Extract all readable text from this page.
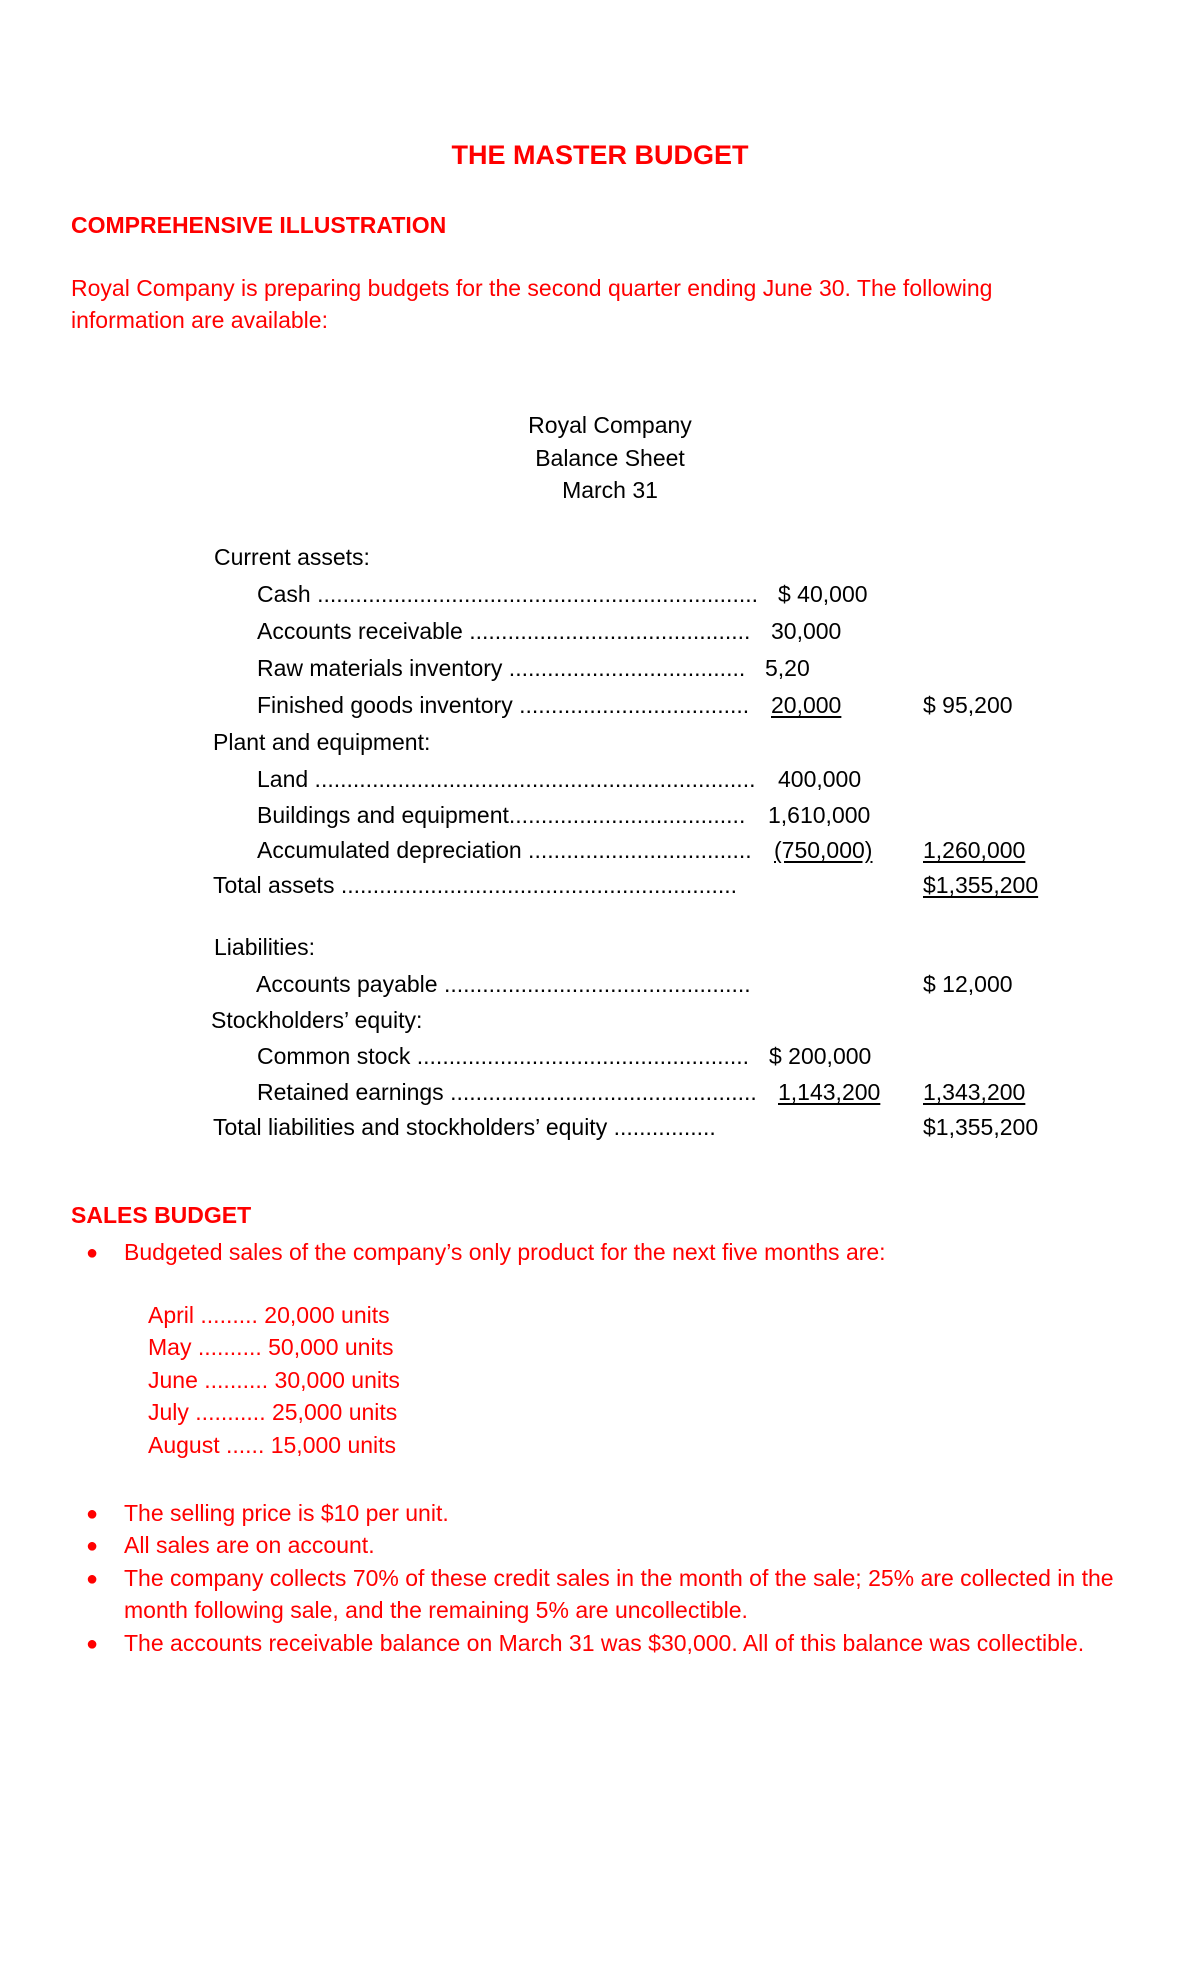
THE MASTER BUDGET
COMPREHENSIVE ILLUSTRATION
Royal Company is preparing budgets for the second quarter ending June 30. The following information are available:
Royal Company
Balance Sheet
March 31
Current assets:
Cash ..................................................................... $ 40,000
Accounts receivable ............................................ 30,000
Raw materials inventory ..................................... 5,20
Finished goods inventory .................................... 20,000	$ 95,200
Plant and equipment:
Land ..................................................................... 400,000
Buildings and equipment..................................... 1,610,000
Accumulated depreciation ................................... (750,000) 1,260,000
Total assets ..............................................................	$1,355,200
Liabilities:
Accounts payable ................................................	$ 12,000
Stockholders’ equity:
Common stock .................................................... $ 200,000
Retained earnings ................................................ 1,143,200 1,343,200
Total liabilities and stockholders’ equity ................	$1,355,200
SALES BUDGET
● Budgeted sales of the company’s only product for the next five months are:
April ......... 20,000 units
May .......... 50,000 units
June .......... 30,000 units
July ........... 25,000 units
August ...... 15,000 units
● The selling price is $10 per unit.
● All sales are on account.
● The company collects 70% of these credit sales in the month of the sale; 25% are collected in the month following sale, and the remaining 5% are uncollectible.
● The accounts receivable balance on March 31 was $30,000. All of this balance was collectible.
